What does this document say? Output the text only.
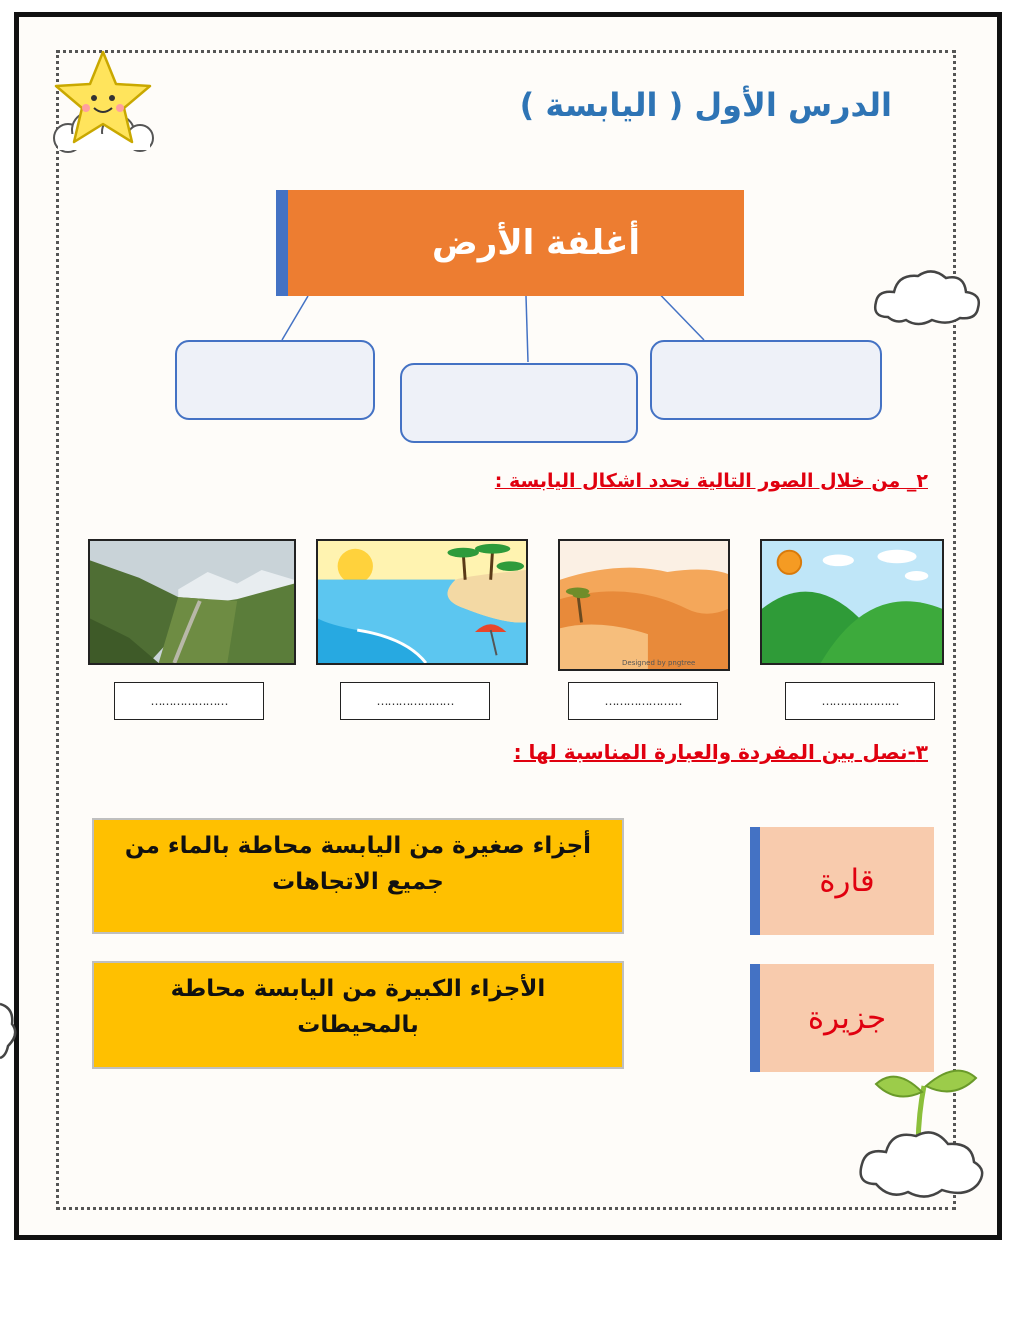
الدرس الأول ( اليابسة )
أغلفة الأرض
٢_ من خلال الصور التالية نحدد اشكال اليابسة :
Designed by pngtree
…………………	…………………	…………………	…………………
٣-نصل بين المفردة والعبارة المناسبة لها :
أجزاء صغيرة من اليابسة محاطة بالماء من جميع الاتجاهات
الأجزاء الكبيرة من اليابسة محاطة بالمحيطات
قارة
جزيرة
